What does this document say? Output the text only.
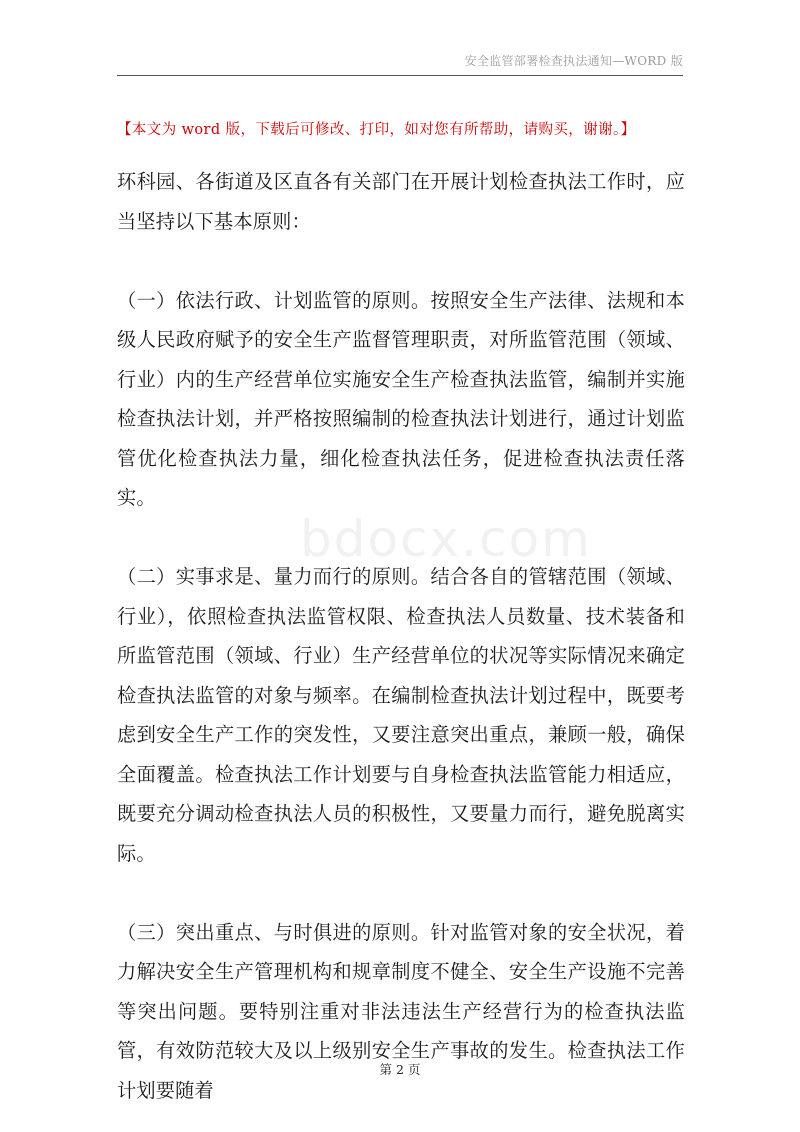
安全监管部署检查执法通知—WORD 版
【本文为 word 版，下载后可修改、打印，如对您有所帮助，请购买，谢谢。】

环科园、各街道及区直各有关部门在开展计划检查执法工作时，应当坚持以下基本原则：

（一）依法行政、计划监管的原则。按照安全生产法律、法规和本级人民政府赋予的安全生产监督管理职责，对所监管范围（领域、行业）内的生产经营单位实施安全生产检查执法监管，编制并实施检查执法计划，并严格按照编制的检查执法计划进行，通过计划监管优化检查执法力量，细化检查执法任务，促进检查执法责任落实。

（二）实事求是、量力而行的原则。结合各自的管辖范围（领域、行业），依照检查执法监管权限、检查执法人员数量、技术装备和所监管范围（领域、行业）生产经营单位的状况等实际情况来确定检查执法监管的对象与频率。在编制检查执法计划过程中，既要考虑到安全生产工作的突发性，又要注意突出重点，兼顾一般，确保全面覆盖。检查执法工作计划要与自身检查执法监管能力相适应，既要充分调动检查执法人员的积极性，又要量力而行，避免脱离实际。

（三）突出重点、与时俱进的原则。针对监管对象的安全状况，着力解决安全生产管理机构和规章制度不健全、安全生产设施不完善等突出问题。要特别注重对非法违法生产经营行为的检查执法监管，有效防范较大及以上级别安全生产事故的发生。检查执法工作计划要随着

bdocx.com
第 2 页
